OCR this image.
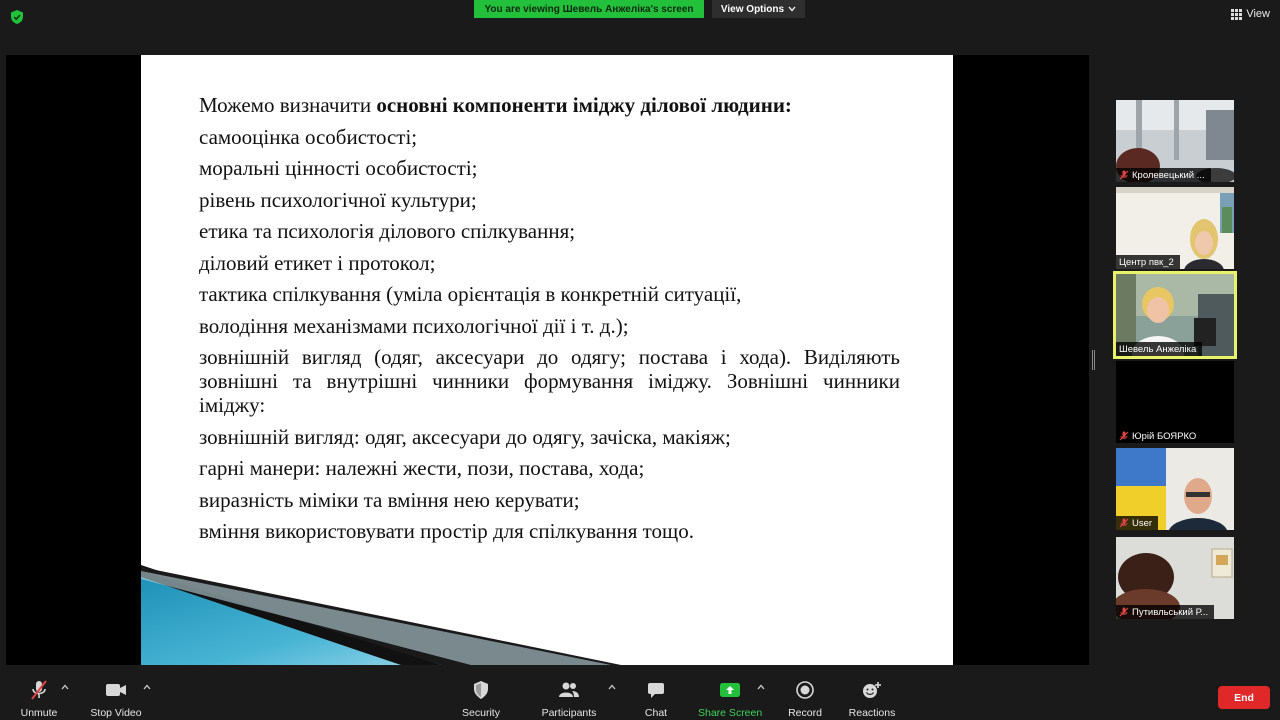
You are viewing Шевель Анжеліка's screen	View Options	View
Можемо визначити основні компоненти іміджу ділової людини:
самооцінка особистості;
моральні цінності особистості;
рівень психологічної культури;
етика та психологія ділового спілкування;
діловий етикет і протокол;
тактика спілкування (уміла орієнтація в конкретній ситуації,
володіння механізмами психологічної дії і т. д.);
зовнішній вигляд (одяг, аксесуари до одягу; постава і хода). Виділяють зовнішні та внутрішні чинники формування іміджу. Зовнішні чинники іміджу:
зовнішній вигляд: одяг, аксесуари до одягу, зачіска, макіяж;
гарні манери: належні жести, пози, постава, хода;
виразність міміки та вміння нею керувати;
вміння використовувати простір для спілкування тощо.
Кролевецький ...
Центр пвк_2
Шевель Анжеліка
Юрій БОЯРКО
User
Путивльський Р...
Unmute	Stop Video	Security	Participants	Chat	Share Screen Record	Reactions
End
